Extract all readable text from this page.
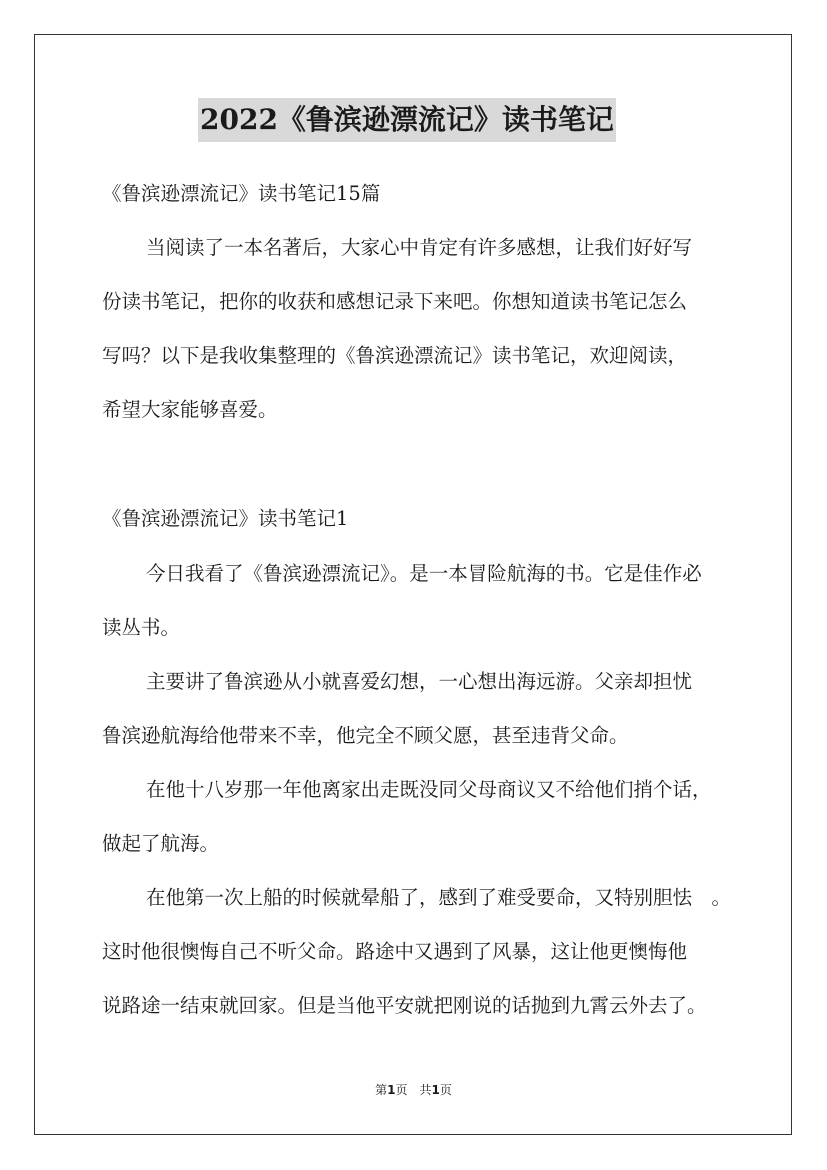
2022《鲁滨逊漂流记》读书笔记
《鲁滨逊漂流记》读书笔记15篇
当阅读了一本名著后，大家心中肯定有许多感想，让我们好好写
份读书笔记，把你的收获和感想记录下来吧。你想知道读书笔记怎么
写吗？以下是我收集整理的《鲁滨逊漂流记》读书笔记，欢迎阅读，
希望大家能够喜爱。
《鲁滨逊漂流记》读书笔记1
今日我看了《鲁滨逊漂流记》。是一本冒险航海的书。它是佳作必
读丛书。
主要讲了鲁滨逊从小就喜爱幻想，一心想出海远游。父亲却担忧
鲁滨逊航海给他带来不幸，他完全不顾父愿，甚至违背父命。
在他十八岁那一年他离家出走既没同父母商议又不给他们捎个话，
做起了航海。
在他第一次上船的时候就晕船了，感到了难受要命，又特别胆怯　。
这时他很懊悔自己不听父命。路途中又遇到了风暴，这让他更懊悔他
说路途一结束就回家。但是当他平安就把刚说的话抛到九霄云外去了。
第1页　共1页
